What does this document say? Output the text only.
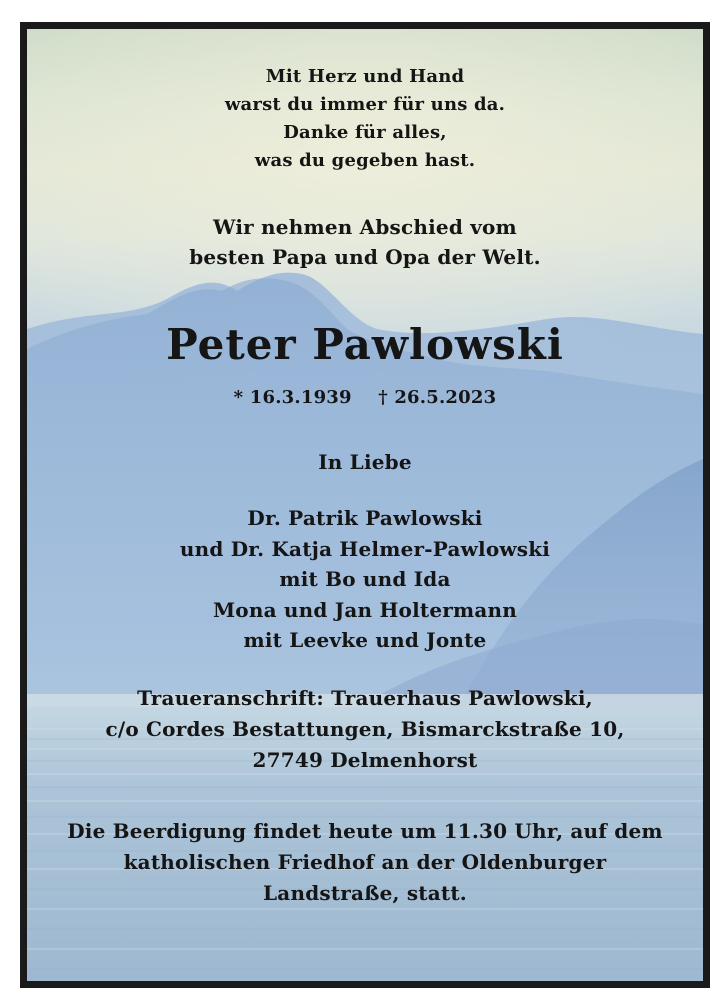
Mit Herz und Hand
warst du immer für uns da.
Danke für alles,
was du gegeben hast.
Wir nehmen Abschied vom
besten Papa und Opa der Welt.
Peter Pawlowski
* 16.3.1939 † 26.5.2023
In Liebe
Dr. Patrik Pawlowski
und Dr. Katja Helmer-Pawlowski
mit Bo und Ida
Mona und Jan Holtermann
mit Leevke und Jonte
Traueranschrift: Trauerhaus Pawlowski,
c/o Cordes Bestattungen, Bismarckstraße 10,
27749 Delmenhorst
Die Beerdigung findet heute um 11.30 Uhr, auf dem
katholischen Friedhof an der Oldenburger
Landstraße, statt.
